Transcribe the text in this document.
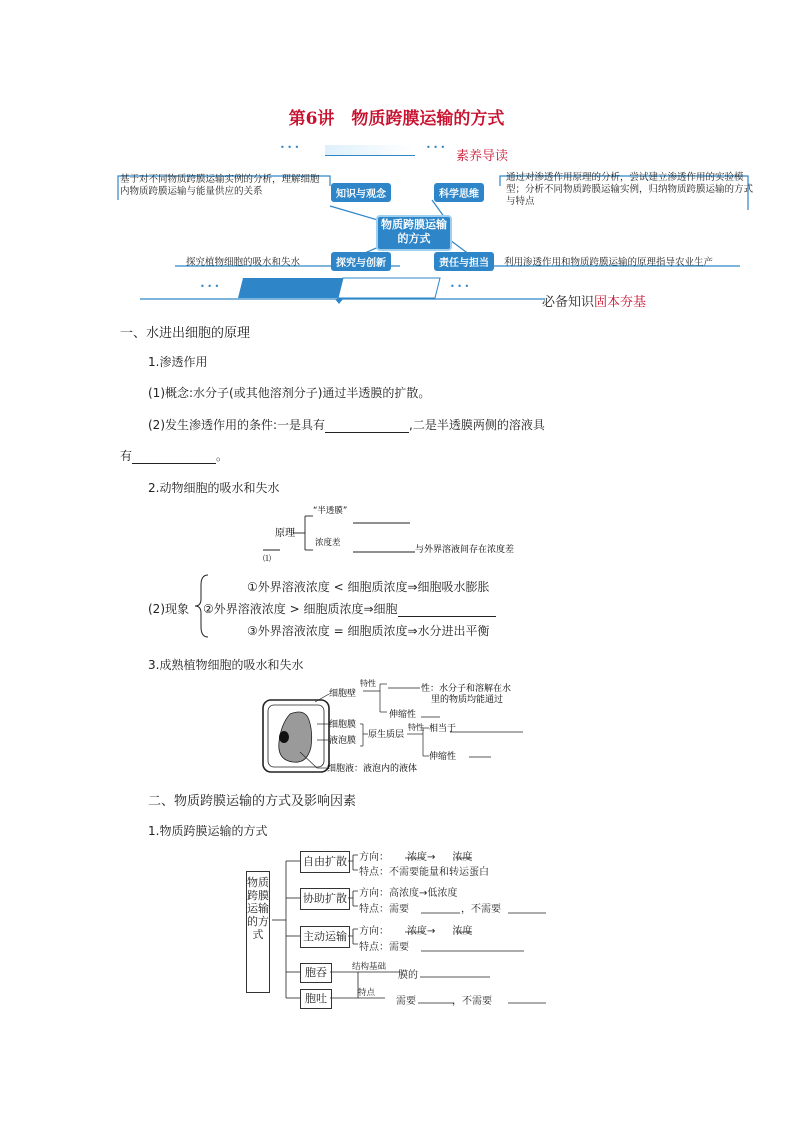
第6讲　物质跨膜运输的方式
• • •	• • •
素养导读
基于对不同物质跨膜运输实例的分析，理解细胞内物质跨膜运输与能量供应的关系	知识与观念	科学思维
通过对渗透作用原理的分析，尝试建立渗透作用的实验模型；分析不同物质跨膜运输实例，归纳物质跨膜运输的方式与特点
物质跨膜运输的方式
探究与创新
探究植物细胞的吸水和失水	责任与担当	利用渗透作用和物质跨膜运输的原理指导农业生产
• • •	• • •
必备知识固本夯基
一、水进出细胞的原理
1.渗透作用
(1)概念:水分子(或其他溶剂分子)通过半透膜的扩散。
(2)发生渗透作用的条件:一是具有	,二是半透膜两侧的溶液具
有	。
2.动物细胞的吸水和失水
原理
“半透膜”
浓度差
与外界溶液间存在浓度差
⑴
(2)现象
①外界溶液浓度 < 细胞质浓度⇒细胞吸水膨胀
②外界溶液浓度 > 细胞质浓度⇒细胞
③外界溶液浓度 = 细胞质浓度⇒水分进出平衡
3.成熟植物细胞的吸水和失水
细胞壁
特性
性：水分子和溶解在水
里的物质均能通过
伸缩性
细胞膜
液泡膜
原生质层
特性 相当于
伸缩性
细胞液：液泡内的液体
二、物质跨膜运输的方式及影响因素
1.物质跨膜运输的方式
物质跨膜运输的方式
自由扩散	方向： 浓度→ 浓度
特点：不需要能量和转运蛋白
协助扩散	方向：高浓度→低浓度
特点：需要	，不需要
主动运输	方向： 浓度→ 浓度
特点：需要
胞吞	结构基础
膜的
胞吐	特点
需要	，不需要
